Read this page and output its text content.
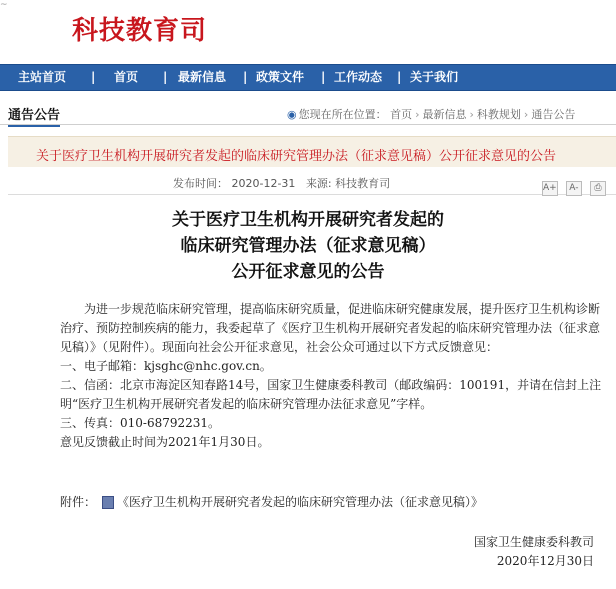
~
科技教育司
主站首页 | 首页 | 最新信息 | 政策文件 | 工作动态 | 关于我们
通告公告	◉ 您现在所在位置： 首页 › 最新信息 › 科教规划 › 通告公告
关于医疗卫生机构开展研究者发起的临床研究管理办法（征求意见稿）公开征求意见的公告
发布时间： 2020-12-31 来源: 科技教育司	A+ A- ⎙
关于医疗卫生机构开展研究者发起的
临床研究管理办法（征求意见稿）
公开征求意见的公告

为进一步规范临床研究管理，提高临床研究质量，促进临床研究健康发展，提升医疗卫生机构诊断治疗、预防控制疾病的能力，我委起草了《医疗卫生机构开展研究者发起的临床研究管理办法（征求意见稿）》（见附件）。现面向社会公开征求意见，社会公众可通过以下方式反馈意见：

一、电子邮箱：kjsghc@nhc.gov.cn。

二、信函：北京市海淀区知春路14号，国家卫生健康委科教司（邮政编码：100191，并请在信封上注明“医疗卫生机构开展研究者发起的临床研究管理办法征求意见”字样。

三、传真：010-68792231。

意见反馈截止时间为2021年1月30日。

附件： 《医疗卫生机构开展研究者发起的临床研究管理办法（征求意见稿）》
国家卫生健康委科教司
2020年12月30日
